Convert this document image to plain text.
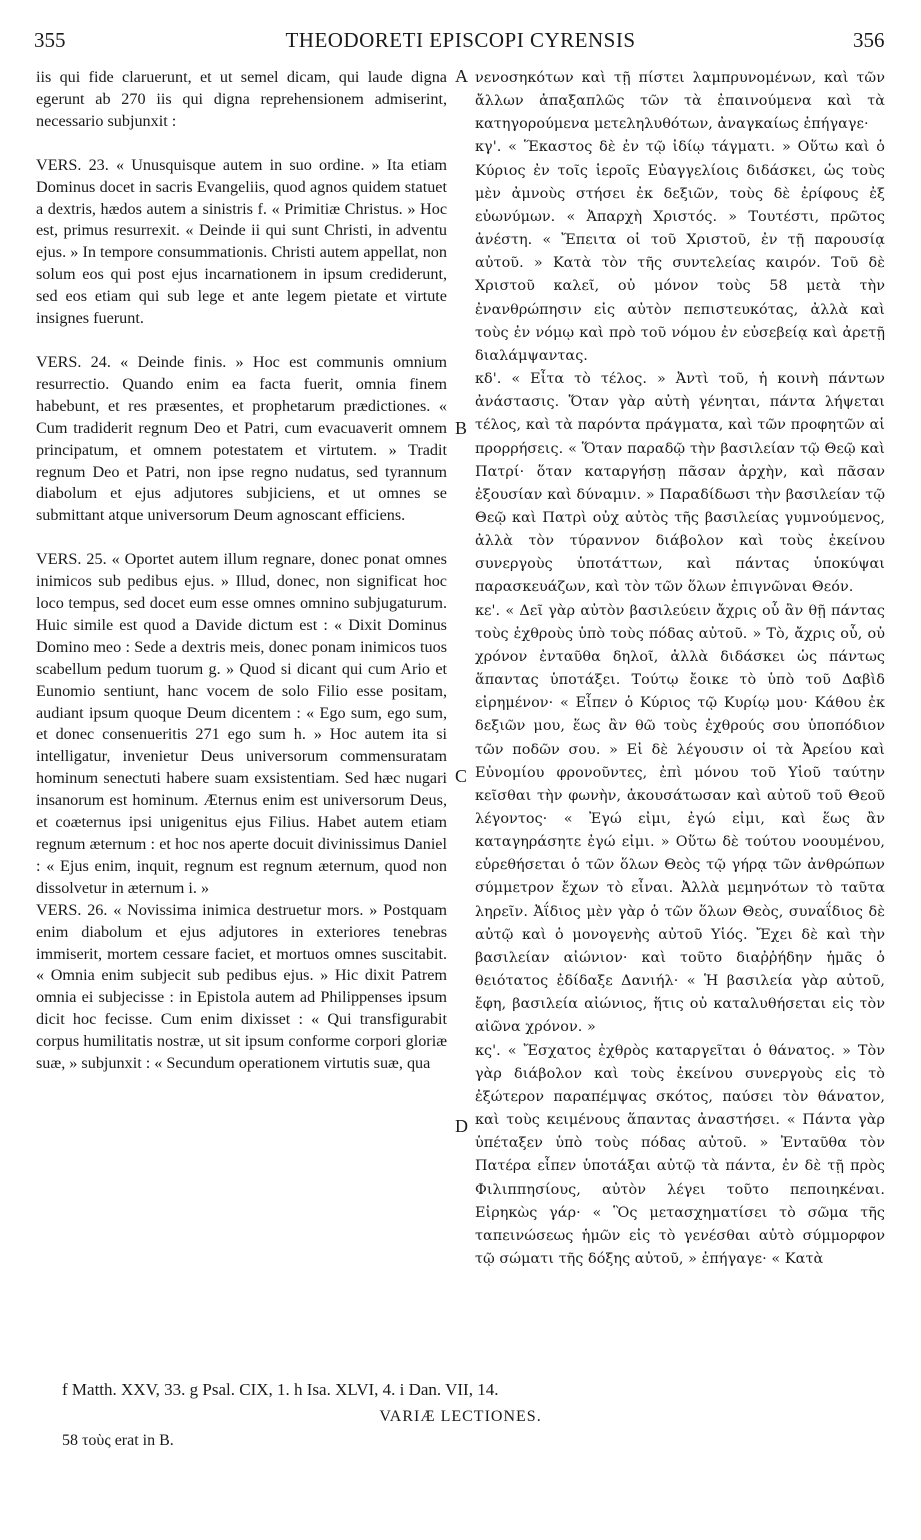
355	THEODORETI EPISCOPI CYRENSIS	356

iis qui fide claruerunt, et ut semel dicam, qui laude digna egerunt ab 270 iis qui digna reprehensionem admiserint, necessario subjunxit :

VERS. 23. « Unusquisque autem in suo ordine. » Ita etiam Dominus docet in sacris Evangeliis, quod agnos quidem statuet a dextris, hædos autem a sinistris f. « Primitiæ Christus. » Hoc est, primus resurrexit. « Deinde ii qui sunt Christi, in adventu ejus. » In tempore consummationis. Christi autem appellat, non solum eos qui post ejus incarnationem in ipsum crediderunt, sed eos etiam qui sub lege et ante legem pietate et virtute insignes fuerunt.

VERS. 24. « Deinde finis. » Hoc est communis omnium resurrectio. Quando enim ea facta fuerit, omnia finem habebunt, et res præsentes, et prophetarum prædictiones. « Cum tradiderit regnum Deo et Patri, cum evacuaverit omnem principatum, et omnem potestatem et virtutem. » Tradit regnum Deo et Patri, non ipse regno nudatus, sed tyrannum diabolum et ejus adjutores subjiciens, et ut omnes se submittant atque universorum Deum agnoscant efficiens.

VERS. 25. « Oportet autem illum regnare, donec ponat omnes inimicos sub pedibus ejus. » Illud, donec, non significat hoc loco tempus, sed docet eum esse omnes omnino subjugaturum. Huic simile est quod a Davide dictum est : « Dixit Dominus Domino meo : Sede a dextris meis, donec ponam inimicos tuos scabellum pedum tuorum g. » Quod si dicant qui cum Ario et Eunomio sentiunt, hanc vocem de solo Filio esse positam, audiant ipsum quoque Deum dicentem : « Ego sum, ego sum, et donec consenueritis 271 ego sum h. » Hoc autem ita si intelligatur, invenietur Deus universorum commensuratam hominum senectuti habere suam exsistentiam. Sed hæc nugari insanorum est hominum. Æternus enim est universorum Deus, et coæternus ipsi unigenitus ejus Filius. Habet autem etiam regnum æternum : et hoc nos aperte docuit divinissimus Daniel : « Ejus enim, inquit, regnum est regnum æternum, quod non dissolvetur in æternum i. »

VERS. 26. « Novissima inimica destruetur mors. » Postquam enim diabolum et ejus adjutores in exteriores tenebras immiserit, mortem cessare faciet, et mortuos omnes suscitabit. « Omnia enim subjecit sub pedibus ejus. » Hic dixit Patrem omnia ei subjecisse : in Epistola autem ad Philippenses ipsum dicit hoc fecisse. Cum enim dixisset : « Qui transfigurabit corpus humilitatis nostræ, ut sit ipsum conforme corpori gloriæ suæ, » subjunxit : « Secundum operationem virtutis suæ, qua

A
B
C
D

νενοσηκότων καὶ τῇ πίστει λαμπρυνομένων, καὶ τῶν ἄλλων ἀπαξαπλῶς τῶν τὰ ἐπαινούμενα καὶ τὰ κατηγορούμενα μετεληλυθότων, ἀναγκαίως ἐπήγαγε·

κγ'. « Ἕκαστος δὲ ἐν τῷ ἰδίῳ τάγματι. » Οὕτω καὶ ὁ Κύριος ἐν τοῖς ἱεροῖς Εὐαγγελίοις διδάσκει, ὡς τοὺς μὲν ἀμνοὺς στήσει ἐκ δεξιῶν, τοὺς δὲ ἐρίφους ἐξ εὐωνύμων. « Ἀπαρχὴ Χριστός. » Τουτέστι, πρῶτος ἀνέστη. « Ἔπειτα οἱ τοῦ Χριστοῦ, ἐν τῇ παρουσίᾳ αὐτοῦ. » Κατὰ τὸν τῆς συντελείας καιρόν. Τοῦ δὲ Χριστοῦ καλεῖ, οὐ μόνον τοὺς 58 μετὰ τὴν ἐνανθρώπησιν εἰς αὐτὸν πεπιστευκότας, ἀλλὰ καὶ τοὺς ἐν νόμῳ καὶ πρὸ τοῦ νόμου ἐν εὐσεβείᾳ καὶ ἀρετῇ διαλάμψαντας.

κδ'. « Εἶτα τὸ τέλος. » Ἀντὶ τοῦ, ἡ κοινὴ πάντων ἀνάστασις. Ὅταν γὰρ αὐτὴ γένηται, πάντα λήψεται τέλος, καὶ τὰ παρόντα πράγματα, καὶ τῶν προφητῶν αἱ προρρήσεις. « Ὅταν παραδῷ τὴν βασιλείαν τῷ Θεῷ καὶ Πατρί· ὅταν καταργήσῃ πᾶσαν ἀρχὴν, καὶ πᾶσαν ἐξουσίαν καὶ δύναμιν. » Παραδίδωσι τὴν βασιλείαν τῷ Θεῷ καὶ Πατρὶ οὐχ αὐτὸς τῆς βασιλείας γυμνούμενος, ἀλλὰ τὸν τύραννον διάβολον καὶ τοὺς ἐκείνου συνεργοὺς ὑποτάττων, καὶ πάντας ὑποκύψαι παρασκευάζων, καὶ τὸν τῶν ὅλων ἐπιγνῶναι Θεόν.

κε'. « Δεῖ γὰρ αὐτὸν βασιλεύειν ἄχρις οὗ ἂν θῇ πάντας τοὺς ἐχθροὺς ὑπὸ τοὺς πόδας αὐτοῦ. » Τὸ, ἄχρις οὗ, οὐ χρόνον ἐνταῦθα δηλοῖ, ἀλλὰ διδάσκει ὡς πάντως ἅπαντας ὑποτάξει. Τούτῳ ἔοικε τὸ ὑπὸ τοῦ Δαβὶδ εἰρημένον· « Εἶπεν ὁ Κύριος τῷ Κυρίῳ μου· Κάθου ἐκ δεξιῶν μου, ἕως ἂν θῶ τοὺς ἐχθρούς σου ὑποπόδιον τῶν ποδῶν σου. » Εἰ δὲ λέγουσιν οἱ τὰ Ἀρείου καὶ Εὐνομίου φρονοῦντες, ἐπὶ μόνου τοῦ Υἱοῦ ταύτην κεῖσθαι τὴν φωνὴν, ἀκουσάτωσαν καὶ αὐτοῦ τοῦ Θεοῦ λέγοντος· « Ἐγώ εἰμι, ἐγώ εἰμι, καὶ ἕως ἂν καταγηράσητε ἐγώ εἰμι. » Οὕτω δὲ τούτου νοουμένου, εὑρεθήσεται ὁ τῶν ὅλων Θεὸς τῷ γήρᾳ τῶν ἀνθρώπων σύμμετρον ἔχων τὸ εἶναι. Ἀλλὰ μεμηνότων τὸ ταῦτα ληρεῖν. Ἀΐδιος μὲν γὰρ ὁ τῶν ὅλων Θεὸς, συναΐδιος δὲ αὐτῷ καὶ ὁ μονογενὴς αὐτοῦ Υἱός. Ἔχει δὲ καὶ τὴν βασιλείαν αἰώνιον· καὶ τοῦτο διαῤῥήδην ἡμᾶς ὁ θειότατος ἐδίδαξε Δανιήλ· « Ἡ βασιλεία γὰρ αὐτοῦ, ἔφη, βασιλεία αἰώνιος, ἥτις οὐ καταλυθήσεται εἰς τὸν αἰῶνα χρόνον. »

κς'. « Ἔσχατος ἐχθρὸς καταργεῖται ὁ θάνατος. » Τὸν γὰρ διάβολον καὶ τοὺς ἐκείνου συνεργοὺς εἰς τὸ ἐξώτερον παραπέμψας σκότος, παύσει τὸν θάνατον, καὶ τοὺς κειμένους ἅπαντας ἀναστήσει. « Πάντα γὰρ ὑπέταξεν ὑπὸ τοὺς πόδας αὐτοῦ. » Ἐνταῦθα τὸν Πατέρα εἶπεν ὑποτάξαι αὐτῷ τὰ πάντα, ἐν δὲ τῇ πρὸς Φιλιππησίους, αὐτὸν λέγει τοῦτο πεποιηκέναι. Εἰρηκὼς γάρ· « Ὃς μετασχηματίσει τὸ σῶμα τῆς ταπεινώσεως ἡμῶν εἰς τὸ γενέσθαι αὐτὸ σύμμορφον τῷ σώματι τῆς δόξης αὐτοῦ, » ἐπήγαγε· « Κατὰ

f Matth. XXV, 33. g Psal. CIX, 1. h Isa. XLVI, 4. i Dan. VII, 14.
VARIÆ LECTIONES.
58 τοὺς erat in B.
